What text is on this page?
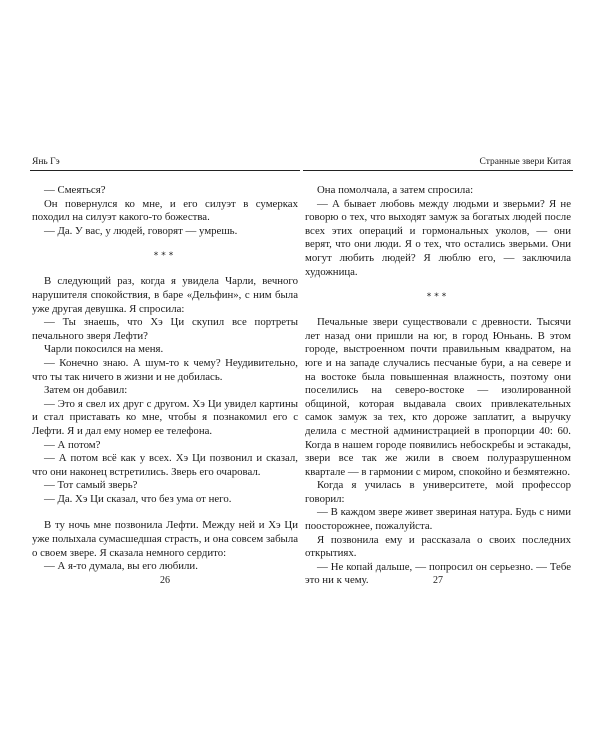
Янь Гэ

— Смеяться?

Он повернулся ко мне, и его силуэт в сумерках походил на силуэт какого-то божества.

— Да. У вас, у людей, говорят — умрешь.

***

В следующий раз, когда я увидела Чарли, вечного нарушителя спокойствия, в баре «Дельфин», с ним была уже другая девушка. Я спросила:

— Ты знаешь, что Хэ Ци скупил все портреты печального зверя Лефти?

Чарли покосился на меня.

— Конечно знаю. А шум-то к чему? Неудивительно, что ты так ничего в жизни и не добилась.

Затем он добавил:

— Это я свел их друг с другом. Хэ Ци увидел картины и стал приставать ко мне, чтобы я познакомил его с Лефти. Я и дал ему номер ее телефона.

— А потом?

— А потом всё как у всех. Хэ Ци позвонил и сказал, что они наконец встретились. Зверь его очаровал.

— Тот самый зверь?

— Да. Хэ Ци сказал, что без ума от него.

В ту ночь мне позвонила Лефти. Между ней и Хэ Ци уже полыхала сумасшедшая страсть, и она совсем забыла о своем звере. Я сказала немного сердито:

— А я-то думала, вы его любили.

26
Странные звери Китая

Она помолчала, а затем спросила:

— А бывает любовь между людьми и зверьми? Я не говорю о тех, что выходят замуж за богатых людей после всех этих операций и гормональных уколов, — они верят, что они люди. Я о тех, что остались зверьми. Они могут любить людей? Я люблю его, — заключила художница.

***

Печальные звери существовали с древности. Тысячи лет назад они пришли на юг, в город Юньань. В этом городе, выстроенном почти правильным квадратом, на юге и на западе случались песчаные бури, а на севере и на востоке была повышенная влажность, поэтому они поселились на северо-востоке — изолированной общиной, которая выдавала своих привлекательных самок замуж за тех, кто дороже заплатит, а выручку делила с местной администрацией в пропорции 40: 60. Когда в нашем городе появились небоскребы и эстакады, звери все так же жили в своем полуразрушенном квартале — в гармонии с миром, спокойно и безмятежно.

Когда я училась в университете, мой профессор говорил:

— В каждом звере живет звериная натура. Будь с ними поосторожнее, пожалуйста.

Я позвонила ему и рассказала о своих последних открытиях.

— Не копай дальше, — попросил он серьезно. — Тебе это ни к чему.	27
